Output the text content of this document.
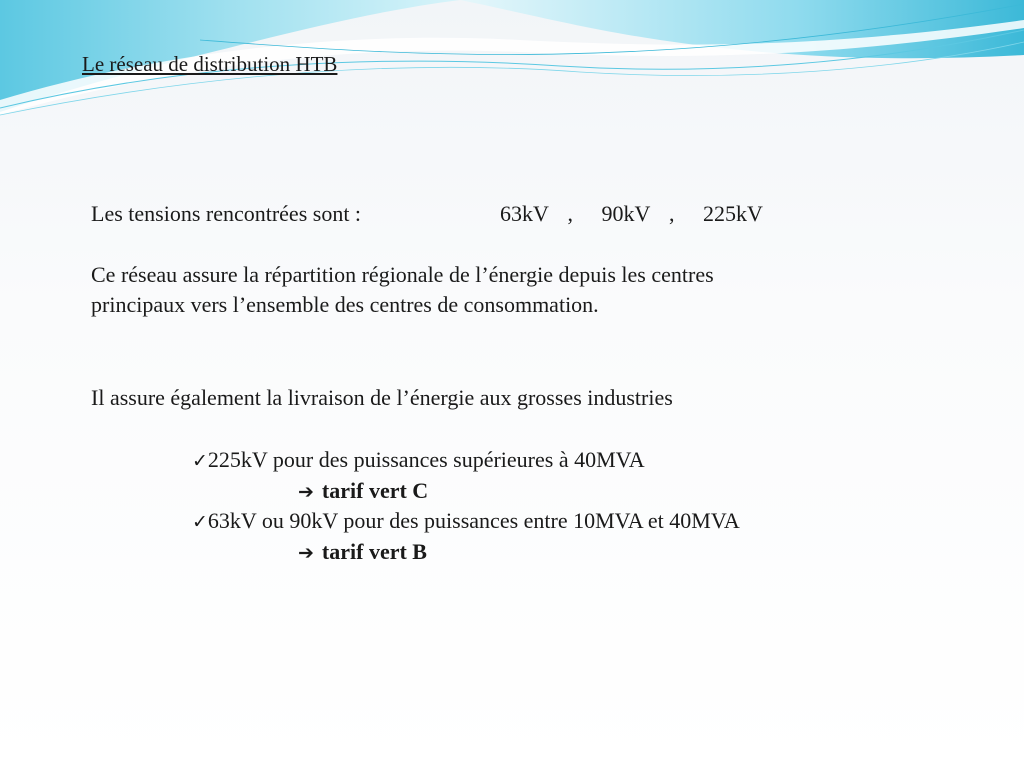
Le réseau de distribution HTB
Les tensions rencontrées sont :	63kV  ,   90kV  ,   225kV
Ce réseau assure la répartition régionale de l’énergie depuis les centres
principaux vers l’ensemble des centres de consommation.
Il assure également la livraison de l’énergie aux grosses industries
✓225kV pour des puissances supérieures à 40MVA
➔ tarif vert C
✓63kV ou 90kV pour des puissances entre 10MVA et 40MVA
➔ tarif vert B
